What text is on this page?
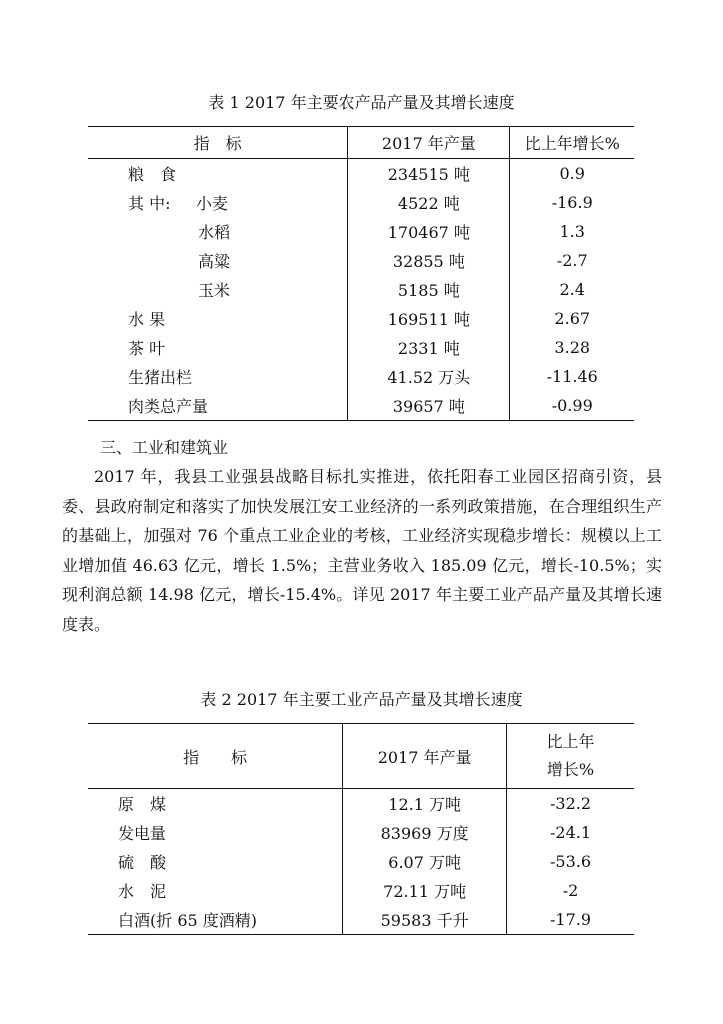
表 1 2017 年主要农产品产量及其增长速度
指　标	2017 年产量	比上年增长%
粮　食	234515 吨	0.9
其 中: 小麦	4522 吨	-16.9
水稻	170467 吨	1.3
高粱	32855 吨	-2.7
玉米	5185 吨	2.4
水 果	169511 吨	2.67
茶 叶	2331 吨	3.28
生猪出栏	41.52 万头	-11.46
肉类总产量	39657 吨	-0.99
三、工业和建筑业
2017 年，我县工业强县战略目标扎实推进，依托阳春工业园区招商引资，县委、县政府制定和落实了加快发展江安工业经济的一系列政策措施，在合理组织生产的基础上，加强对 76 个重点工业企业的考核，工业经济实现稳步增长：规模以上工业增加值 46.63 亿元，增长 1.5%；主营业务收入 185.09 亿元，增长-10.5%；实现利润总额 14.98 亿元，增长-15.4%。详见 2017 年主要工业产品产量及其增长速度表。
表 2 2017 年主要工业产品产量及其增长速度
指　　标	2017 年产量	比上年
增长%
原　煤	12.1 万吨	-32.2
发电量	83969 万度	-24.1
硫　酸	6.07 万吨	-53.6
水　泥	72.11 万吨	-2
白酒(折 65 度酒精)	59583 千升	-17.9
